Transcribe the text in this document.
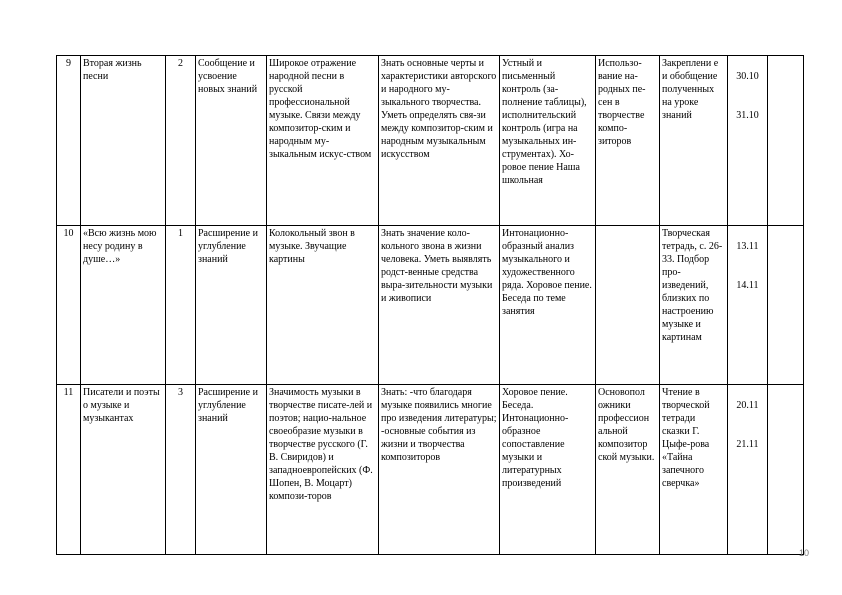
9	Вторая жизнь песни	2	Сообщение и усвоение новых знаний	Широкое отражение народной песни в русской профессиональной музыке. Связи между композитор-ским и народным му-зыкальным искус-ством	Знать основные черты и характеристики авторского и народного му-зыкального творчества. Уметь определять свя-зи между композитор-ским и народным музыкальным искусством	Устный и письменный контроль (за-полнение таблицы), исполнительский контроль (игра на музыкальных ин-струментах). Хо-ровое пение Наша школьная	Использо-вание на-родных пе-сен в творчестве компо-зиторов	Закреплени е и обобщение полученных на уроке знаний	30.10
31.10	

10	«Всю жизнь мою несу родину в душе…»	1	Расширение и углубление знаний	Колокольный звон в музыке. Звучащие картины	Знать значение коло-кольного звона в жизни человека. Уметь выявлять родст-венные средства выра-зительности музыки и живописи	Интонационно-образный анализ музыкального и художественного ряда. Хоровое пение. Беседа по теме занятия		Творческая тетрадь, с. 26-33. Подбор про-изведений, близких по настроению музыке и картинам	13.11
14.11	

11	Писатели и поэты о музыке и музыкантах	3	Расширение и углубление знаний	Значимость музыки в творчестве писате-лей и поэтов; нацио-нальное своеобразие музыки в творчестве русского (Г. В. Свиридов) и западноевропейских (Ф. Шопен, В. Моцарт) компози-торов	Знать: -что благодаря музыке появились многие про изведения литературы; -основные события из жизни и творчества композиторов	Хоровое пение. Беседа. Интонационно-образное сопоставление музыки и литературных произведений	Основопол ожники профессион альной композитор ской музыки.	Чтение в творческой тетради сказки Г. Цыфе-рова «Тайна запечного сверчка»	20.11
21.11	

10
